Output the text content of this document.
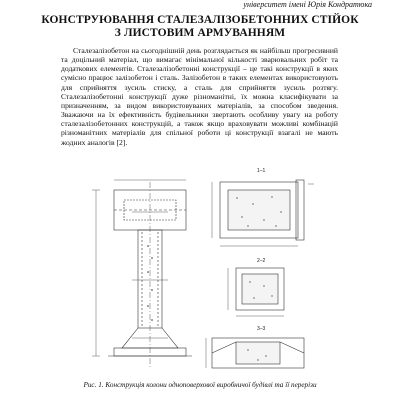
університет імені Юрія Кондратюка
КОНСТРУЮВАННЯ СТАЛЕЗАЛІЗОБЕТОННИХ СТІЙОК
З ЛИСТОВИМ АРМУВАННЯМ

Сталезалізобетон на сьогоднішній день розглядається як найбільш прогресивний та доцільний матеріал, що вимагає мінімальної кількості зварювальних робіт та додаткових елементів. Сталезалізобетонні конструкції – це такі конструкції в яких сумісно працює залізобетон і сталь. Залізобетон в таких елементах використовують для сприйняття зусиль стиску, а сталь для сприйняття зусиль розтягу. Сталезалізобетонні конструкції дуже різноманітні, їх можна класифікувати за призначенням, за видом використовуваних матеріалів, за способом зведення. Зважаючи на їх ефективність будівельники звертають особливу увагу на роботу сталезалізобетонних конструкцій, а також якщо враховувати можливі комбінацій різноманітних матеріалів для спільної роботи ці конструкції взагалі не мають жодних аналогів [2].

1–1
2–2
3–3
Рис. 1. Конструкція колони одноповерхової виробничої будівлі та її перерізи
